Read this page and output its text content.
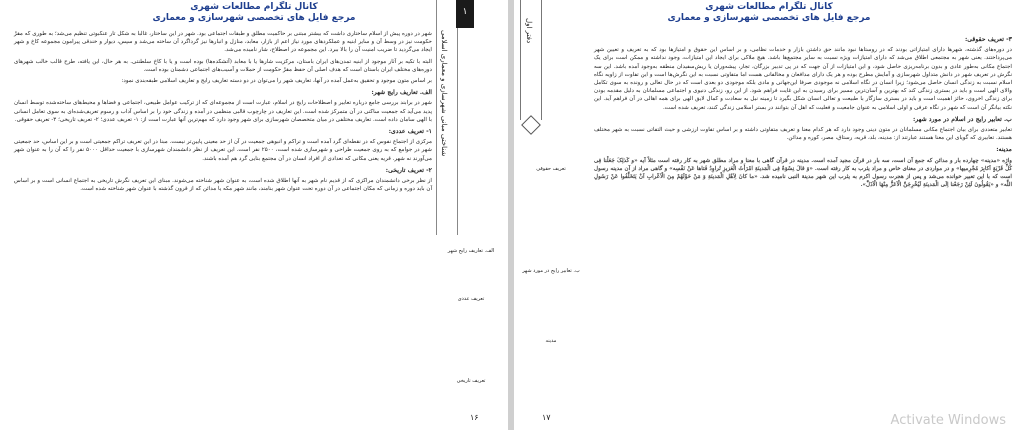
کانال تلگرام مطالعات شهری
مرجع فایل های تخصصی شهرسازی و معماری

شهر در دوره پیش از اسلام ساختاری داشت که بیشتر مبتنی بر حاکمیت مطلق و طبقات اجتماعی بود. شهر در این ساختار، غالبا به شکل تار عنکبوتی تنظیم می‌شد؛ به طوری که مقرّ حکومت نیز در وسط آن و سایر ابنیه و عملکردهای مورد نیاز اعم از بازار، معابد، منازل و انبارها نیز گرداگرد آن ساخته می‌شد و سپس، دیوار و خندقی پیرامون مجموعه کاخ و شهر ایجاد می‌گردید تا ضریب امنیت آن را بالا ببرد. این مجموعه در اصطلاح، شار نامیده می‌شد.

البته با تکیه بر آثار موجود از ابنیه تمدن‌های ایران باستان، مرکزیت شارها یا با معابد (آتشکده‌ها) بوده است و یا با کاخ سلطنتی. به هر حال، این یافته، طرح قالب خالب شهرهای دوره‌های مختلف ایران باستان است که هدف اصلی آن حفظ مقرّ حکومت از حملات و آسیب‌های اجتماعی دشمنان بوده است.

بر اساس متون موجود و تحقیق به‌عمل آمده در آنها، تعاریف شهر را می‌توان در دو دسته تعاریف رایج و تعاریف اسلامی طبقه‌بندی نمود:

الف. تعاریف رایج شهر:

شهر در برابند بررسی جامع درباره تعابیر و اصطلاحات رایج در اسلام، عبارت است از مجموعه‌ای که از ترکیب عوامل طبیعی، اجتماعی و فضاها و محیط‌های ساخته‌شده توسط انسان پدید می‌آید که جمعیت ساکنی در آن متمرکز شده است. این تعاریف در چارچوب قالبی منظمی در آمده و زندگی خود را بر اساس آداب و رسوم تعریف‌شده‌ای به سوی تعامل انسانی با الهی سامان داده است. تعاریف مختلفی در میان متخصصان شهرسازی برای شهر وجود دارد که مهم‌ترین آنها عبارت است از: ۱- تعریف عددی؛ ۲- تعریف تاریخی؛ ۳- تعریف حقوقی.

۱- تعریف عددی:

مرکزی از اجتماع نفوس که در نقطه‌ای گرد آمده است و تراکم و انبوهی جمعیت در آن از حد معینی پایین‌تر نیست. مبنا در این تعریف تراکم جمعیتی است و بر این اساس، حد جمعیتی شهر در جوامع که به روی جمعیت طراحی و شهرسازی شده است، ۲۵۰۰ نفر است. این تعریف از نظر دانشمندان شهرسازی با جمعیت حداقل ۵۰۰۰ نفر را که آن را به عنوان شهر می‌آورند نه شهر. قریه یعنی مکانی که تعدادی از افراد انسان در آن مجتمع بنایی گرد هم آمده باشند.

۲- تعریف تاریخی:

از نظر برخی دانشمندان مراکزی که از قدیم نام شهر به آنها اطلاق شده است، به عنوان شهر شناخته می‌شوند. مبنای این تعریف نگرش تاریخی به اجتماع انسانی است و بر اساس آن باید دوره و زمانی که مکان اجتماعی در آن دوره تحت عنوان شهر بنامند، مانند شهر مکه یا مدائن که از قرون گذشته با عنوان شهر شناخته شده است.

الف. تعاریف رایج شهر
تعریف عددی
تعریف تاریخی
شناختی مبانی شهرسازی و معماری اسلامی
۱
۱۶
کانال تلگرام مطالعات شهری
مرجع فایل های تخصصی شهرسازی و معماری
۳- تعریف حقوقی:

در دوره‌های گذشته، شهرها دارای امتیازاتی بودند که در روستاها نبود مانند حق داشتن بازار و خدمات نظامی، و بر اساس این حقوق و امتیازها بود که به تعریف و تعیین شهر می‌پرداختند. یعنی شهر به مجتمعی اطلاق می‌شد که دارای امتیازات ویژه نسبت به سایر مجتمع‌ها باشد. هیچ ملاکی برای ایجاد این امتیازات، وجود نداشته و ممکن است برای یک اجتماع مکانی به‌طور عادی و بدون برنامه‌ریزی حاصل شود، و این امتیازات از آن جهت که در پی تدبیر بزرگان، تجار، پیشه‌وران یا ریش‌سفیدان منطقه به‌وجود آمده باشد. این سه نگرش در تعریف شهر در دانش متداول شهرسازی و آمایش مطرح بوده و هر یک دارای مدافعان و مخالفانی هست اما متفاوتی نسبت به این نگرش‌ها است و این تفاوت از زاویه نگاه اسلام نسبت به زندگی انسان حاصل می‌شود؛ زیرا انسان در نگاه اسلامی نه موجودی صرفا این‌جهانی و مادی بلکه موجودی دو بعدی است که در حال تعالی و رونده به سوی تکامل والای الهی است و باید در بستری زندگی کند که بهترین و آسان‌ترین مسیر برای رسیدن به این غایت فراهم شود. از این رو، زندگی دنیوی و اجتماعی مسلمانان به دلیل مقدمه بودن برای زندگی اخروی، حائز اهمیت است و باید در بستری سازگار با طبیعت و تعالی انسان شکل بگیرد تا زمینه نیل به سعادت و کمال لایق الهی برای همه اهالی در آن فراهم آید. این نکته بیانگر آن است که شهر در نگاه عرفی و اولی اسلامی به عنوان جامعیت و فعلیت که اهل آن بتوانند در بستر اسلامی زندگی کنند، تعریف شده است.

ب. تعابیر رایج در اسلام در مورد شهر:

تعابیر متعددی برای بیان اجتماع مکانی مسلمانان در متون دینی وجود دارد که هر کدام معنا و تعریف متفاوتی داشته و بر اساس تفاوت ارزشی و حیث التفاتی نسبت به شهر مختلف هستند. تعابیری که گویای این معنا هستند عبارتند از: مدینه، بلد، قریه، رستاق، مصر، کوره و مدائن.

مدینه:

واژه «مدینه» چهارده بار و مدائن که جمع آن است، سه بار در قرآن مجید آمده است. مدینه در قرآن گاهی با معنا و مراد مطلق شهر به کار رفته است مثلاً آیه «و کَذلِکَ جَعَلْنا فِی کُلِّ قَرْیَةٍ اَکابِرَ مُجْرِمیها» و در مواردی در معنای خاص و مراد یثرب به کار رفته است. «وَ قالَ نِسْوَةٌ فِی الْمَدینَةِ امْرَأَتُ الْعَزیزِ تُراوِدُ فَتاها عَنْ نَفْسِه» و گاهی مراد از آن مدینه رسول است که با این تعبیر خوانده می‌شد و پس از هجرت رسول اکرم به یثرب این شهر مدینة النبی نامیده شد. «ما کانَ لِاَهْلِ الْمَدینَةِ وَ مَنْ حَوْلَهُمْ مِنَ الْاَعْرابِ اَنْ یَتَخَلَّفُوا عَنْ رَسُولِ اللَّه» و «یَقُولُونَ لَئِنْ رَجَعْنا اِلَی الْمَدینَةِ لَیُخْرِجَنَّ الْاَعَزُّ مِنْهَا الْاَذَلَّ».

تعریف حقوقی
ب. تعابیر رایج در مورد شهر
مدینه
۱۷	Activate Windows
دفتر اول
